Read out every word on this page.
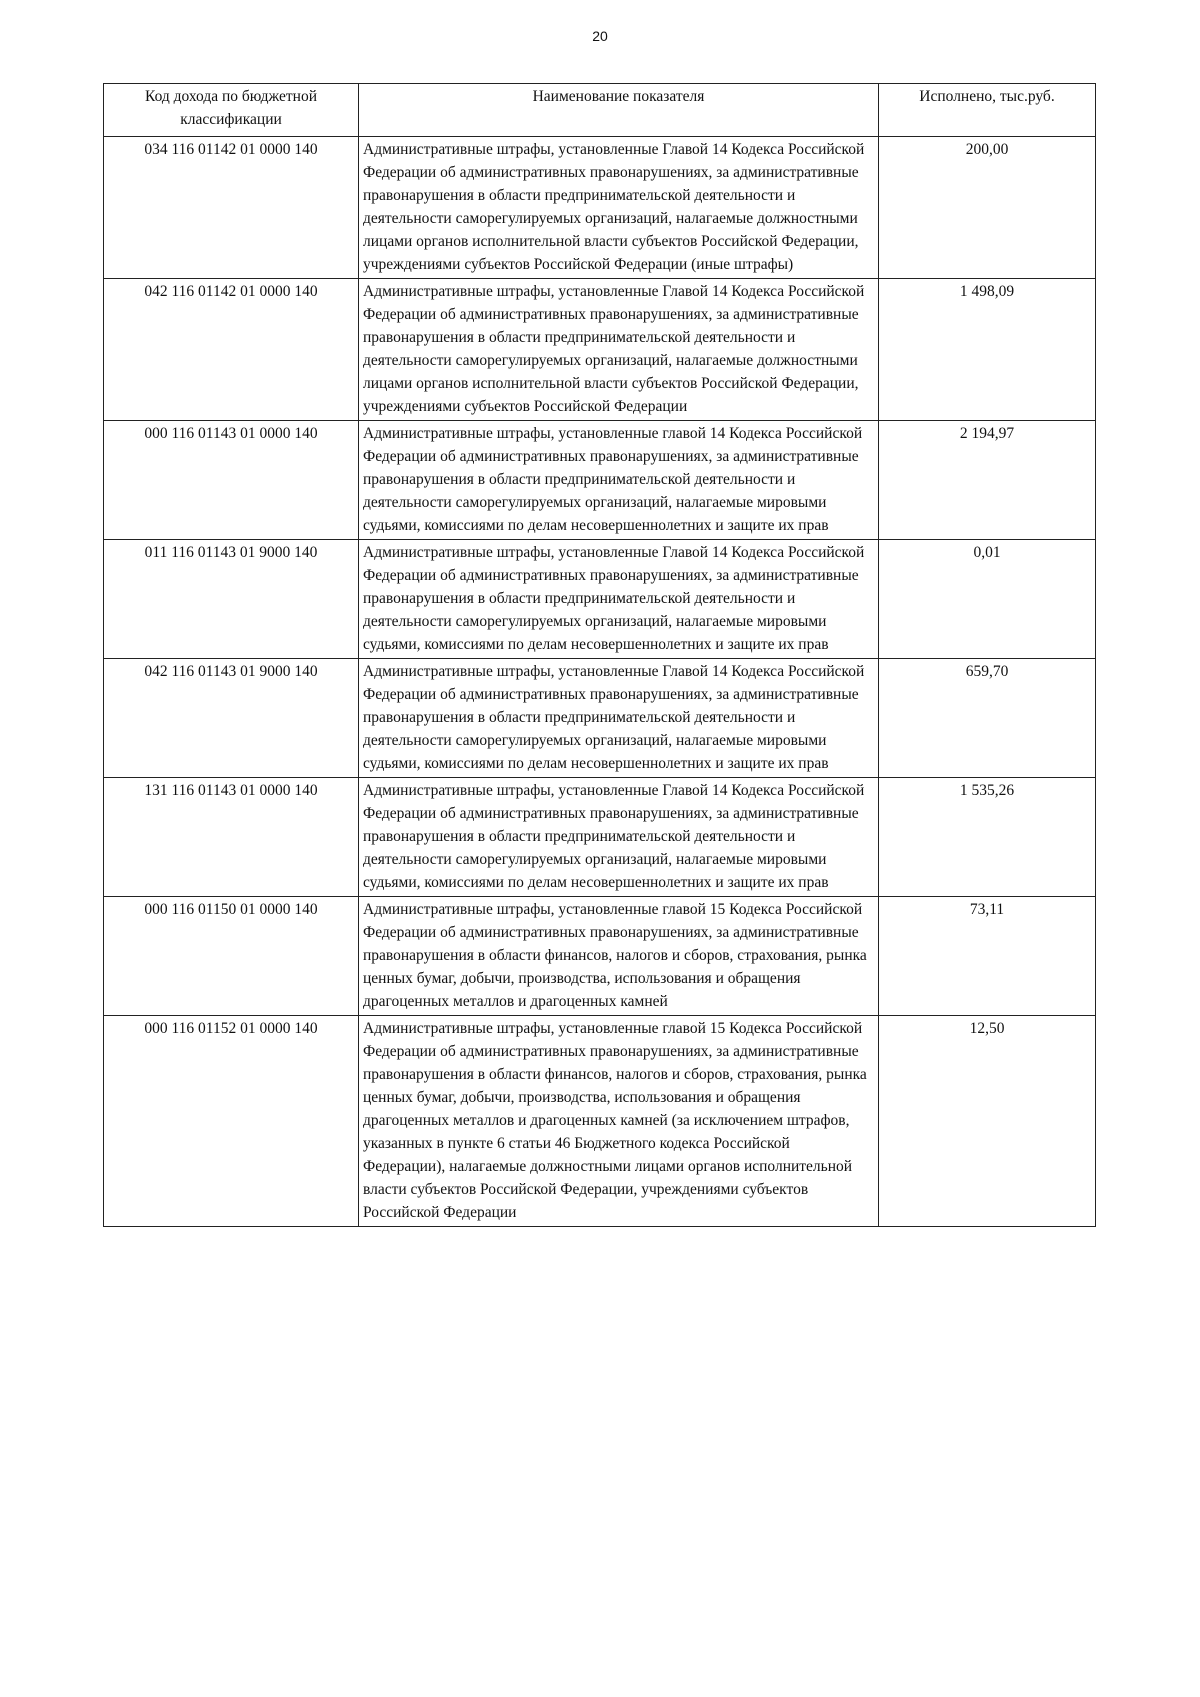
20
Код дохода по бюджетной классификации	Наименование показателя	Исполнено, тыс.руб.
034 116 01142 01 0000 140	Административные штрафы, установленные Главой 14 Кодекса Российской Федерации об административных правонарушениях, за административные правонарушения в области предпринимательской деятельности и деятельности саморегулируемых организаций, налагаемые должностными лицами органов исполнительной власти субъектов Российской Федерации, учреждениями субъектов Российской Федерации (иные штрафы)	200,00
042 116 01142 01 0000 140	Административные штрафы, установленные Главой 14 Кодекса Российской Федерации об административных правонарушениях, за административные правонарушения в области предпринимательской деятельности и деятельности саморегулируемых организаций, налагаемые должностными лицами органов исполнительной власти субъектов Российской Федерации, учреждениями субъектов Российской Федерации	1 498,09
000 116 01143 01 0000 140	Административные штрафы, установленные главой 14 Кодекса Российской Федерации об административных правонарушениях, за административные правонарушения в области предпринимательской деятельности и деятельности саморегулируемых организаций, налагаемые мировыми судьями, комиссиями по делам несовершеннолетних и защите их прав	2 194,97
011 116 01143 01 9000 140	Административные штрафы, установленные Главой 14 Кодекса Российской Федерации об административных правонарушениях, за административные правонарушения в области предпринимательской деятельности и деятельности саморегулируемых организаций, налагаемые мировыми судьями, комиссиями по делам несовершеннолетних и защите их прав	0,01
042 116 01143 01 9000 140	Административные штрафы, установленные Главой 14 Кодекса Российской Федерации об административных правонарушениях, за административные правонарушения в области предпринимательской деятельности и деятельности саморегулируемых организаций, налагаемые мировыми судьями, комиссиями по делам несовершеннолетних и защите их прав	659,70
131 116 01143 01 0000 140	Административные штрафы, установленные Главой 14 Кодекса Российской Федерации об административных правонарушениях, за административные правонарушения в области предпринимательской деятельности и деятельности саморегулируемых организаций, налагаемые мировыми судьями, комиссиями по делам несовершеннолетних и защите их прав	1 535,26
000 116 01150 01 0000 140	Административные штрафы, установленные главой 15 Кодекса Российской Федерации об административных правонарушениях, за административные правонарушения в области финансов, налогов и сборов, страхования, рынка ценных бумаг, добычи, производства, использования и обращения драгоценных металлов и драгоценных камней	73,11
000 116 01152 01 0000 140	Административные штрафы, установленные главой 15 Кодекса Российской Федерации об административных правонарушениях, за административные правонарушения в области финансов, налогов и сборов, страхования, рынка ценных бумаг, добычи, производства, использования и обращения драгоценных металлов и драгоценных камней (за исключением штрафов, указанных в пункте 6 статьи 46 Бюджетного кодекса Российской Федерации), налагаемые должностными лицами органов исполнительной власти субъектов Российской Федерации, учреждениями субъектов Российской Федерации	12,50
